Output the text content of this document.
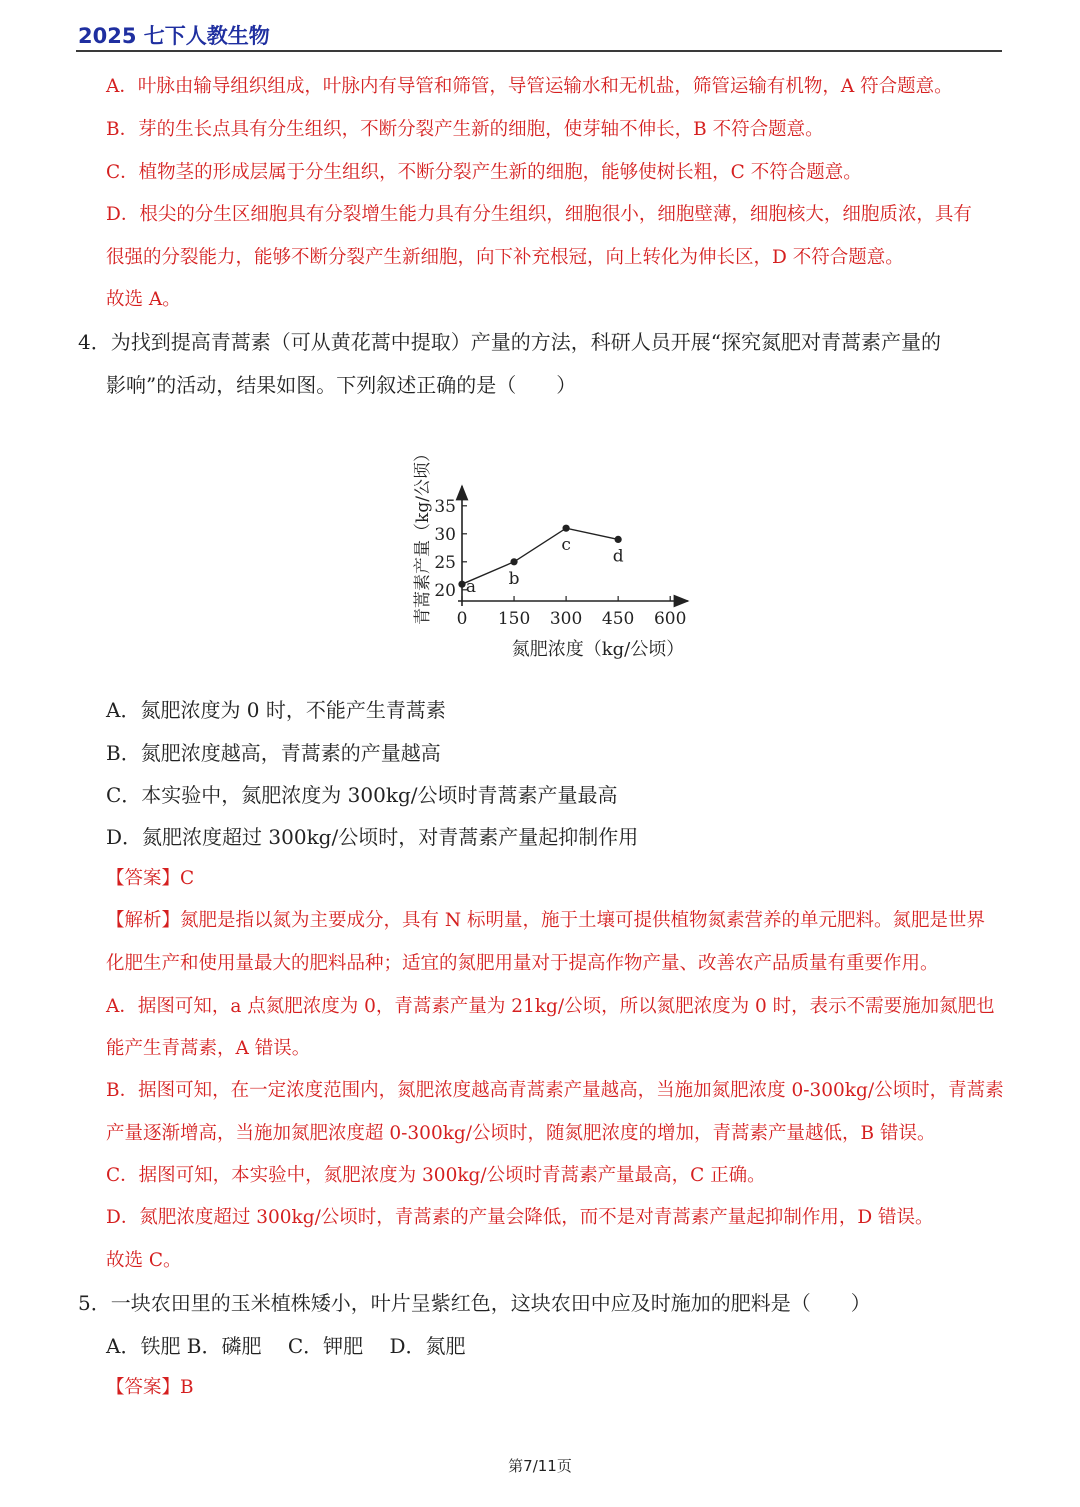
2025 七下人教生物
A．叶脉由输导组织组成，叶脉内有导管和筛管，导管运输水和无机盐，筛管运输有机物，A 符合题意。
B．芽的生长点具有分生组织，不断分裂产生新的细胞，使芽轴不伸长，B 不符合题意。
C．植物茎的形成层属于分生组织，不断分裂产生新的细胞，能够使树长粗，C 不符合题意。
D．根尖的分生区细胞具有分裂增生能力具有分生组织，细胞很小，细胞壁薄，细胞核大，细胞质浓，具有
很强的分裂能力，能够不断分裂产生新细胞，向下补充根冠，向上转化为伸长区，D 不符合题意。
故选 A。
4．为找到提高青蒿素（可从黄花蒿中提取）产量的方法，科研人员开展“探究氮肥对青蒿素产量的
影响”的活动，结果如图。下列叙述正确的是（　　）
0 150 300 450 600
20
25
30
35
a b
c
d
青蒿素产量（kg/公顷）
氮肥浓度（kg/公顷）
A．氮肥浓度为 0 时，不能产生青蒿素
B．氮肥浓度越高，青蒿素的产量越高
C．本实验中，氮肥浓度为 300kg/公顷时青蒿素产量最高
D．氮肥浓度超过 300kg/公顷时，对青蒿素产量起抑制作用
【答案】C
【解析】氮肥是指以氮为主要成分，具有 N 标明量，施于土壤可提供植物氮素营养的单元肥料。氮肥是世界
化肥生产和使用量最大的肥料品种；适宜的氮肥用量对于提高作物产量、改善农产品质量有重要作用。
A．据图可知，a 点氮肥浓度为 0，青蒿素产量为 21kg/公顷，所以氮肥浓度为 0 时，表示不需要施加氮肥也
能产生青蒿素，A 错误。
B．据图可知，在一定浓度范围内，氮肥浓度越高青蒿素产量越高，当施加氮肥浓度 0-300kg/公顷时，青蒿素
产量逐渐增高，当施加氮肥浓度超 0-300kg/公顷时，随氮肥浓度的增加，青蒿素产量越低，B 错误。
C．据图可知，本实验中，氮肥浓度为 300kg/公顷时青蒿素产量最高，C 正确。
D．氮肥浓度超过 300kg/公顷时，青蒿素的产量会降低，而不是对青蒿素产量起抑制作用，D 错误。
故选 C。
5．一块农田里的玉米植株矮小，叶片呈紫红色，这块农田中应及时施加的肥料是（　　）
A．铁肥 B．磷肥　 C．钾肥　 D．氮肥
【答案】B
第7/11页
